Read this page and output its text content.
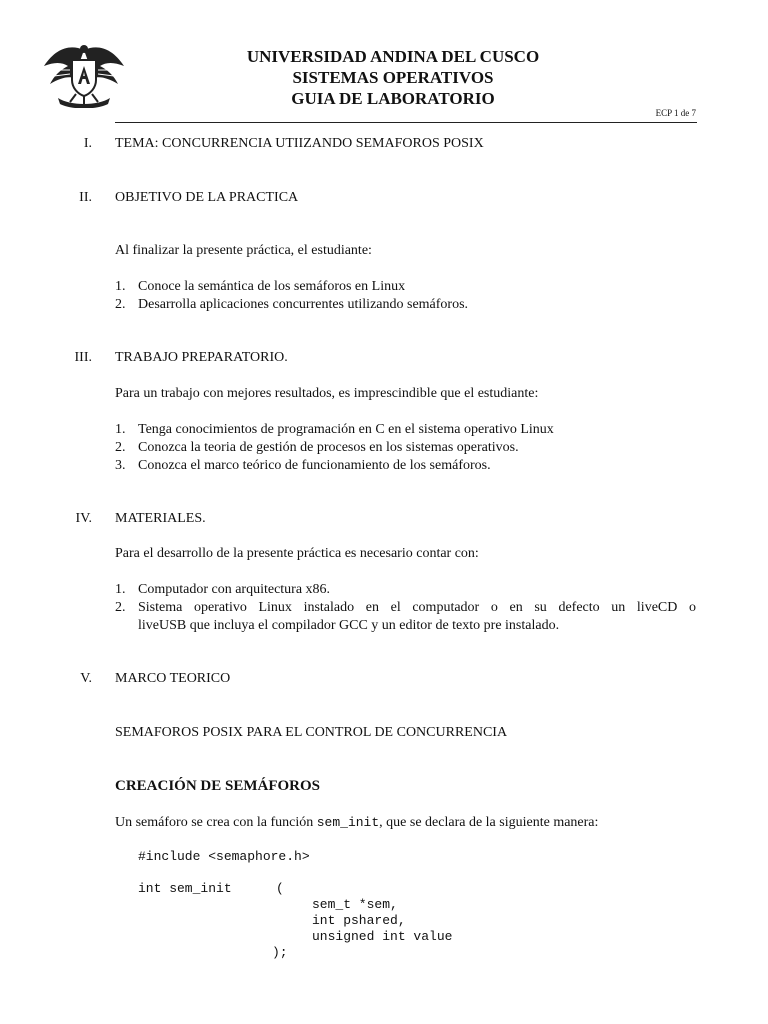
UNIVERSIDAD ANDINA DEL CUSCO
SISTEMAS OPERATIVOS
GUIA DE LABORATORIO
ECP 1 de 7
I. TEMA: CONCURRENCIA UTIIZANDO SEMAFOROS POSIX
II. OBJETIVO DE LA PRACTICA
Al finalizar la presente práctica, el estudiante:
1. Conoce la semántica de los semáforos en Linux
2. Desarrolla aplicaciones concurrentes utilizando semáforos.
III. TRABAJO PREPARATORIO.
Para un trabajo con mejores resultados, es imprescindible que el estudiante:
1. Tenga conocimientos de programación en C en el sistema operativo Linux
2. Conozca la teoria de gestión de procesos en los sistemas operativos.
3. Conozca el marco teórico de funcionamiento de los semáforos.
IV. MATERIALES.
Para el desarrollo de la presente práctica es necesario contar con:
1. Computador con arquitectura x86.
2. Sistema operativo Linux instalado en el computador o en su defecto un liveCD o
liveUSB que incluya el compilador GCC y un editor de texto pre instalado.
V. MARCO TEORICO
SEMAFOROS POSIX PARA EL CONTROL DE CONCURRENCIA
CREACIÓN DE SEMÁFOROS
Un semáforo se crea con la función sem_init, que se declara de la siguiente manera:
#include <semaphore.h>
int sem_init	(
sem_t *sem,
int pshared,
unsigned int value
);
